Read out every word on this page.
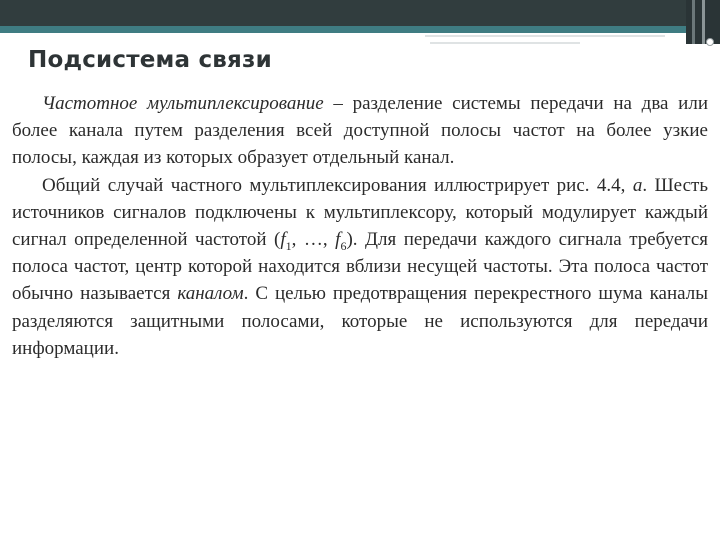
Подсистема связи

Частотное мультиплексирование – разделение системы передачи на два или более канала путем разделения всей доступной полосы частот на более узкие полосы, каждая из которых образует отдельный канал.

Общий случай частного мультиплексирования иллюстрирует рис. 4.4, а. Шесть источников сигналов подключены к мультиплексору, который модулирует каждый сигнал определенной частотой ($f_1$, …, $f_6$). Для передачи каждого сигнала требуется полоса частот, центр которой находится вблизи несущей частоты. Эта полоса частот обычно называется каналом. С целью предотвращения перекрестного шума каналы разделяются защитными полосами, которые не используются для передачи информации.
